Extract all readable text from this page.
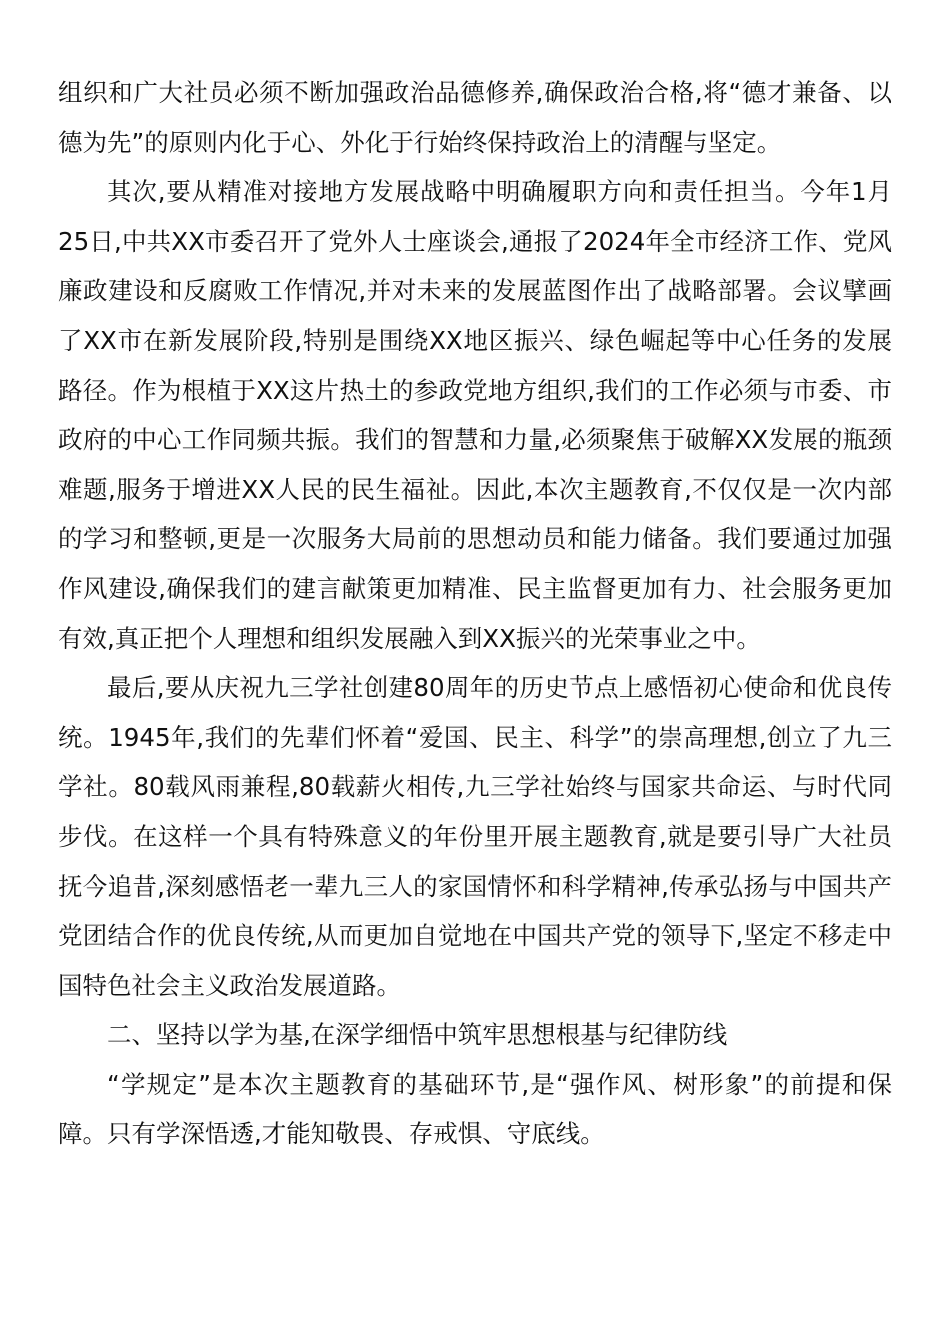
组织和广大社员必须不断加强政治品德修养,确保政治合格,将“德才兼备、以德为先”的原则内化于心、外化于行始终保持政治上的清醒与坚定。

其次,要从精准对接地方发展战略中明确履职方向和责任担当。今年1月25日,中共XX市委召开了党外人士座谈会,通报了2024年全市经济工作、党风廉政建设和反腐败工作情况,并对未来的发展蓝图作出了战略部署。会议擘画了XX市在新发展阶段,特别是围绕XX地区振兴、绿色崛起等中心任务的发展路径。作为根植于XX这片热土的参政党地方组织,我们的工作必须与市委、市政府的中心工作同频共振。我们的智慧和力量,必须聚焦于破解XX发展的瓶颈难题,服务于增进XX人民的民生福祉。因此,本次主题教育,不仅仅是一次内部的学习和整顿,更是一次服务大局前的思想动员和能力储备。我们要通过加强作风建设,确保我们的建言献策更加精准、民主监督更加有力、社会服务更加有效,真正把个人理想和组织发展融入到XX振兴的光荣事业之中。

最后,要从庆祝九三学社创建80周年的历史节点上感悟初心使命和优良传统。1945年,我们的先辈们怀着“爱国、民主、科学”的崇高理想,创立了九三学社。80载风雨兼程,80载薪火相传,九三学社始终与国家共命运、与时代同步伐。在这样一个具有特殊意义的年份里开展主题教育,就是要引导广大社员抚今追昔,深刻感悟老一辈九三人的家国情怀和科学精神,传承弘扬与中国共产党团结合作的优良传统,从而更加自觉地在中国共产党的领导下,坚定不移走中国特色社会主义政治发展道路。

二、坚持以学为基,在深学细悟中筑牢思想根基与纪律防线

“学规定”是本次主题教育的基础环节,是“强作风、树形象”的前提和保障。只有学深悟透,才能知敬畏、存戒惧、守底线。
